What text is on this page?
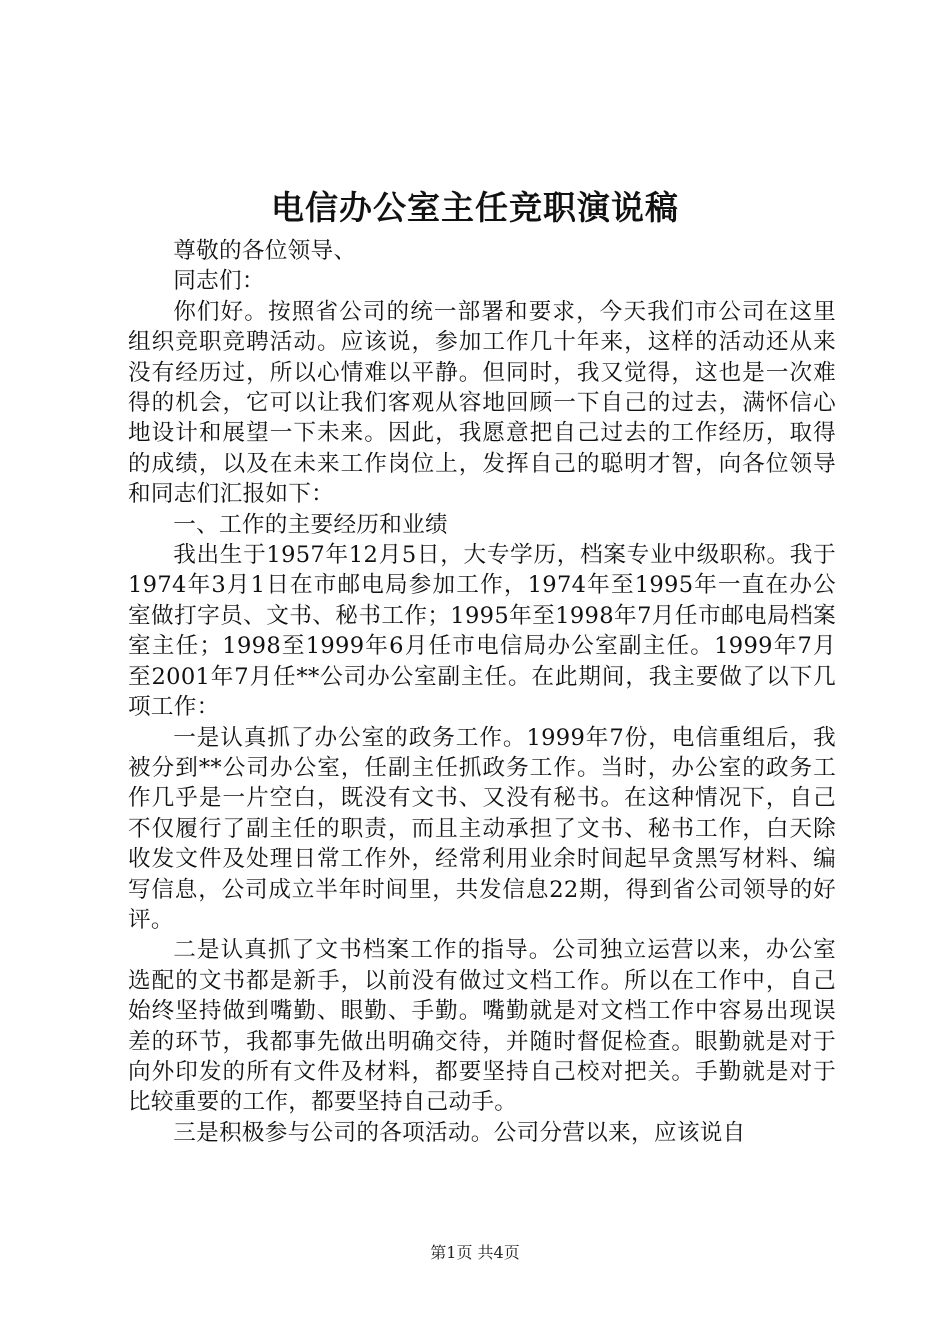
电信办公室主任竞职演说稿

尊敬的各位领导、

同志们：

你们好。按照省公司的统一部署和要求，今天我们市公司在这里组织竞职竞聘活动。应该说，参加工作几十年来，这样的活动还从来没有经历过，所以心情难以平静。但同时，我又觉得，这也是一次难得的机会，它可以让我们客观从容地回顾一下自己的过去，满怀信心地设计和展望一下未来。因此，我愿意把自己过去的工作经历，取得的成绩，以及在未来工作岗位上，发挥自己的聪明才智，向各位领导和同志们汇报如下：

一、工作的主要经历和业绩

我出生于1957年12月5日，大专学历，档案专业中级职称。我于1974年3月1日在市邮电局参加工作，1974年至1995年一直在办公室做打字员、文书、秘书工作；1995年至1998年7月任市邮电局档案室主任；1998至1999年6月任市电信局办公室副主任。1999年7月至2001年7月任**公司办公室副主任。在此期间，我主要做了以下几项工作：

一是认真抓了办公室的政务工作。1999年7份，电信重组后，我被分到**公司办公室，任副主任抓政务工作。当时，办公室的政务工作几乎是一片空白，既没有文书、又没有秘书。在这种情况下，自己不仅履行了副主任的职责，而且主动承担了文书、秘书工作，白天除收发文件及处理日常工作外，经常利用业余时间起早贪黑写材料、编写信息，公司成立半年时间里，共发信息22期，得到省公司领导的好评。

二是认真抓了文书档案工作的指导。公司独立运营以来，办公室选配的文书都是新手，以前没有做过文档工作。所以在工作中，自己始终坚持做到嘴勤、眼勤、手勤。嘴勤就是对文档工作中容易出现误差的环节，我都事先做出明确交待，并随时督促检查。眼勤就是对于向外印发的所有文件及材料，都要坚持自己校对把关。手勤就是对于比较重要的工作，都要坚持自己动手。

三是积极参与公司的各项活动。公司分营以来，应该说自

第1页 共4页
